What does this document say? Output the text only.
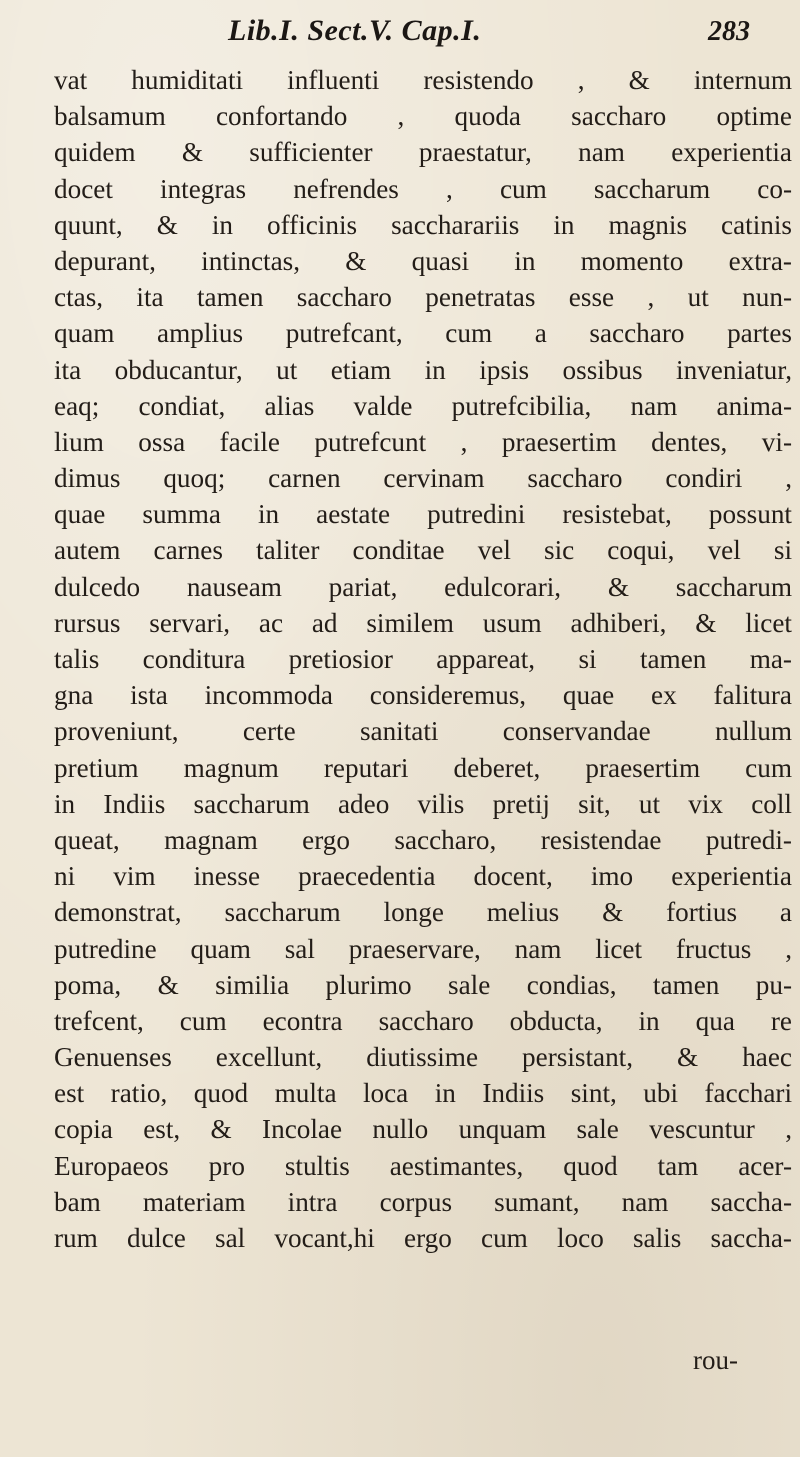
Lib.I. Sect.V. Cap.I.	283
vat humiditati influenti resistendo , & internum
balsamum confortando , quoda saccharo optime
quidem & sufficienter praestatur, nam experientia
docet integras nefrendes , cum saccharum co-
quunt, & in officinis saccharariis in magnis catinis
depurant, intinctas, & quasi in momento extra-
ctas, ita tamen saccharo penetratas esse , ut nun-
quam amplius putrefcant, cum a saccharo partes
ita obducantur, ut etiam in ipsis ossibus inveniatur,
eaq; condiat, alias valde putrefcibilia, nam anima-
lium ossa facile putrefcunt , praesertim dentes, vi-
dimus quoq; carnen cervinam saccharo condiri ,
quae summa in aestate putredini resistebat, possunt
autem carnes taliter conditae vel sic coqui, vel si
dulcedo nauseam pariat, edulcorari, & saccharum
rursus servari, ac ad similem usum adhiberi, & licet
talis conditura pretiosior appareat, si tamen ma-
gna ista incommoda consideremus, quae ex falitura
proveniunt, certe sanitati conservandae nullum
pretium magnum reputari deberet, praesertim cum
in Indiis saccharum adeo vilis pretij sit, ut vix coll
queat, magnam ergo saccharo, resistendae putredi-
ni vim inesse praecedentia docent, imo experientia
demonstrat, saccharum longe melius & fortius a
putredine quam sal praeservare, nam licet fructus ,
poma, & similia plurimo sale condias, tamen pu-
trefcent, cum econtra saccharo obducta, in qua re
Genuenses excellunt, diutissime persistant, & haec
est ratio, quod multa loca in Indiis sint, ubi facchari
copia est, & Incolae nullo unquam sale vescuntur ,
Europaeos pro stultis aestimantes, quod tam acer-
bam materiam intra corpus sumant, nam saccha-
rum dulce sal vocant,hi ergo cum loco salis saccha-
rou-
